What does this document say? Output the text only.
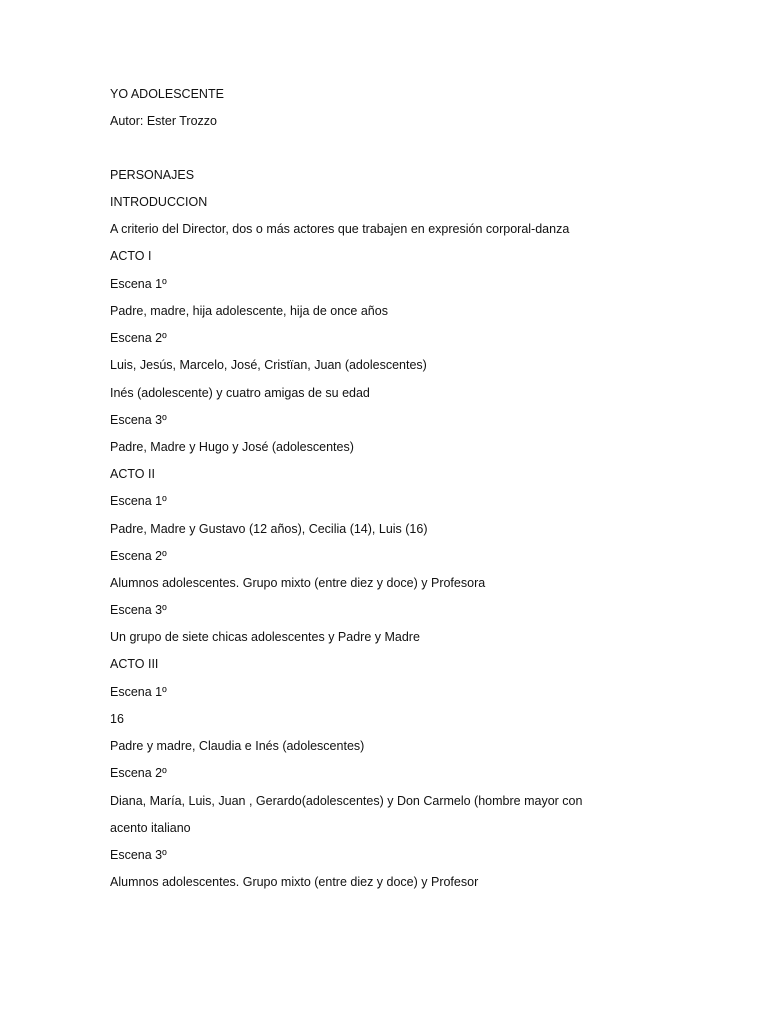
YO ADOLESCENTE
Autor: Ester Trozzo
PERSONAJES
INTRODUCCION
A criterio del Director, dos o más actores que trabajen en expresión corporal-danza
ACTO I
Escena 1º
Padre, madre, hija adolescente, hija de once años
Escena 2º
Luis, Jesús, Marcelo, José, Cristïan, Juan (adolescentes)
Inés (adolescente) y cuatro amigas de su edad
Escena 3º
Padre, Madre y Hugo y José (adolescentes)
ACTO II
Escena 1º
Padre, Madre y Gustavo (12 años), Cecilia (14), Luis (16)
Escena 2º
Alumnos adolescentes. Grupo mixto (entre diez y doce) y Profesora
Escena 3º
Un grupo de siete chicas adolescentes y Padre y Madre
ACTO III
Escena 1º
16
Padre y madre, Claudia e Inés (adolescentes)
Escena 2º
Diana, María, Luis, Juan , Gerardo(adolescentes) y Don Carmelo (hombre mayor con
acento italiano
Escena 3º
Alumnos adolescentes. Grupo mixto (entre diez y doce) y Profesor
